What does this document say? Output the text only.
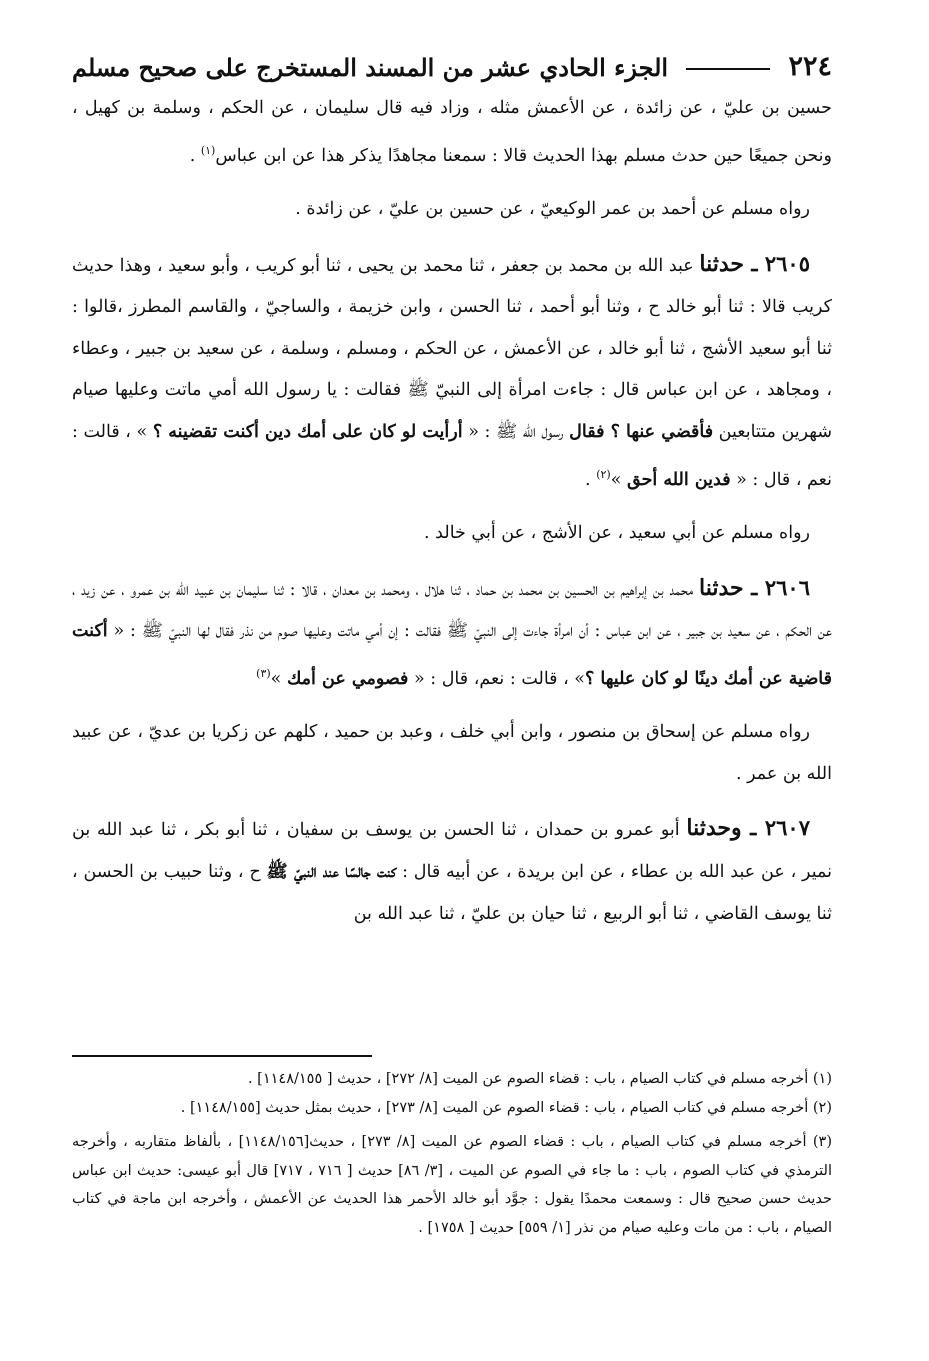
٢٢٤
الجزء الحادي عشر من المسند المستخرج على صحيح مسلم

حسين بن عليّ ، عن زائدة ، عن الأعمش مثله ، وزاد فيه قال سليمان ، عن الحكم ، وسلمة بن كهيل ، ونحن جميعًا حين حدث مسلم بهذا الحديث قالا : سمعنا مجاهدًا يذكر هذا عن ابن عباس$^{(١)}$ .

رواه مسلم عن أحمد بن عمر الوكيعيّ ، عن حسين بن عليّ ، عن زائدة .

٢٦٠٥ ـ حدثنا عبد الله بن محمد بن جعفر ، ثنا محمد بن يحيى ، ثنا أبو كريب ، وأبو سعيد ، وهذا حديث كريب قالا : ثنا أبو خالد ح ، وثنا أبو أحمد ، ثنا الحسن ، وابن خزيمة ، والساجيّ ، والقاسم المطرز ،قالوا : ثنا أبو سعيد الأشج ، ثنا أبو خالد ، عن الأعمش ، عن الحكم ، ومسلم ، وسلمة ، عن سعيد بن جبير ، وعطاء ، ومجاهد ، عن ابن عباس قال : جاءت امرأة إلى النبيّ ﷺ فقالت : يا رسول الله أمي ماتت وعليها صيام شهرين متتابعين فأقضي عنها ؟ فقال رسول الله ﷺ : « أرأيت لو كان على أمك دين أكنت تقضينه ؟ » ، قالت : نعم ، قال : « فدين الله أحق »$^{(٢)}$ .

رواه مسلم عن أبي سعيد ، عن الأشج ، عن أبي خالد .

٢٦٠٦ ـ حدثنا محمد بن إبراهيم بن الحسين بن محمد بن حماد ، ثنا هلال ، ومحمد بن معدان ، قالا : ثنا سليمان بن عبيد الله بن عمرو ، عن زيد ، عن الحكم ، عن سعيد بن جبير ، عن ابن عباس : أن امرأة جاءت إلى النبيّ ﷺ فقالت : إن أمي ماتت وعليها صوم من نذر فقال لها النبيّ ﷺ : « أكنت قاضية عن أمك دينًا لو كان عليها ؟» ، قالت : نعم، قال : « فصومي عن أمك »$^{(٣)}$

رواه مسلم عن إسحاق بن منصور ، وابن أبي خلف ، وعبد بن حميد ، كلهم عن زكريا بن عديّ ، عن عبيد الله بن عمر .

٢٦٠٧ ـ وحدثنا أبو عمرو بن حمدان ، ثنا الحسن بن يوسف بن سفيان ، ثنا أبو بكر ، ثنا عبد الله بن نمير ، عن عبد الله بن عطاء ، عن ابن بريدة ، عن أبيه قال : كنت جالسًا عند النبيّ ﷺ ح ، وثنا حبيب بن الحسن ، ثنا يوسف القاضي ، ثنا أبو الربيع ، ثنا حيان بن عليّ ، ثنا عبد الله بن

(١) أخرجه مسلم في كتاب الصيام ، باب : قضاء الصوم عن الميت [٨/ ٢٧٢] ، حديث [ ١١٤٨/١٥٥] .

(٢) أخرجه مسلم في كتاب الصيام ، باب : قضاء الصوم عن الميت [٨/ ٢٧٣] ، حديث بمثل حديث [١١٤٨/١٥٥] .

(٣) أخرجه مسلم في كتاب الصيام ، باب : قضاء الصوم عن الميت [٨/ ٢٧٣] ، حديث[١١٤٨/١٥٦] ، بألفاظ متقاربه ، وأخرجه الترمذي في كتاب الصوم ، باب : ما جاء في الصوم عن الميت ، [٣/ ٨٦] حديث [ ٧١٦ ، ٧١٧] قال أبو عيسى: حديث ابن عباس حديث حسن صحيح قال : وسمعت محمدًا يقول : جوَّد أبو خالد الأحمر هذا الحديث عن الأعمش ، وأخرجه ابن ماجة في كتاب الصيام ، باب : من مات وعليه صيام من نذر [١/ ٥٥٩] حديث [ ١٧٥٨] .
